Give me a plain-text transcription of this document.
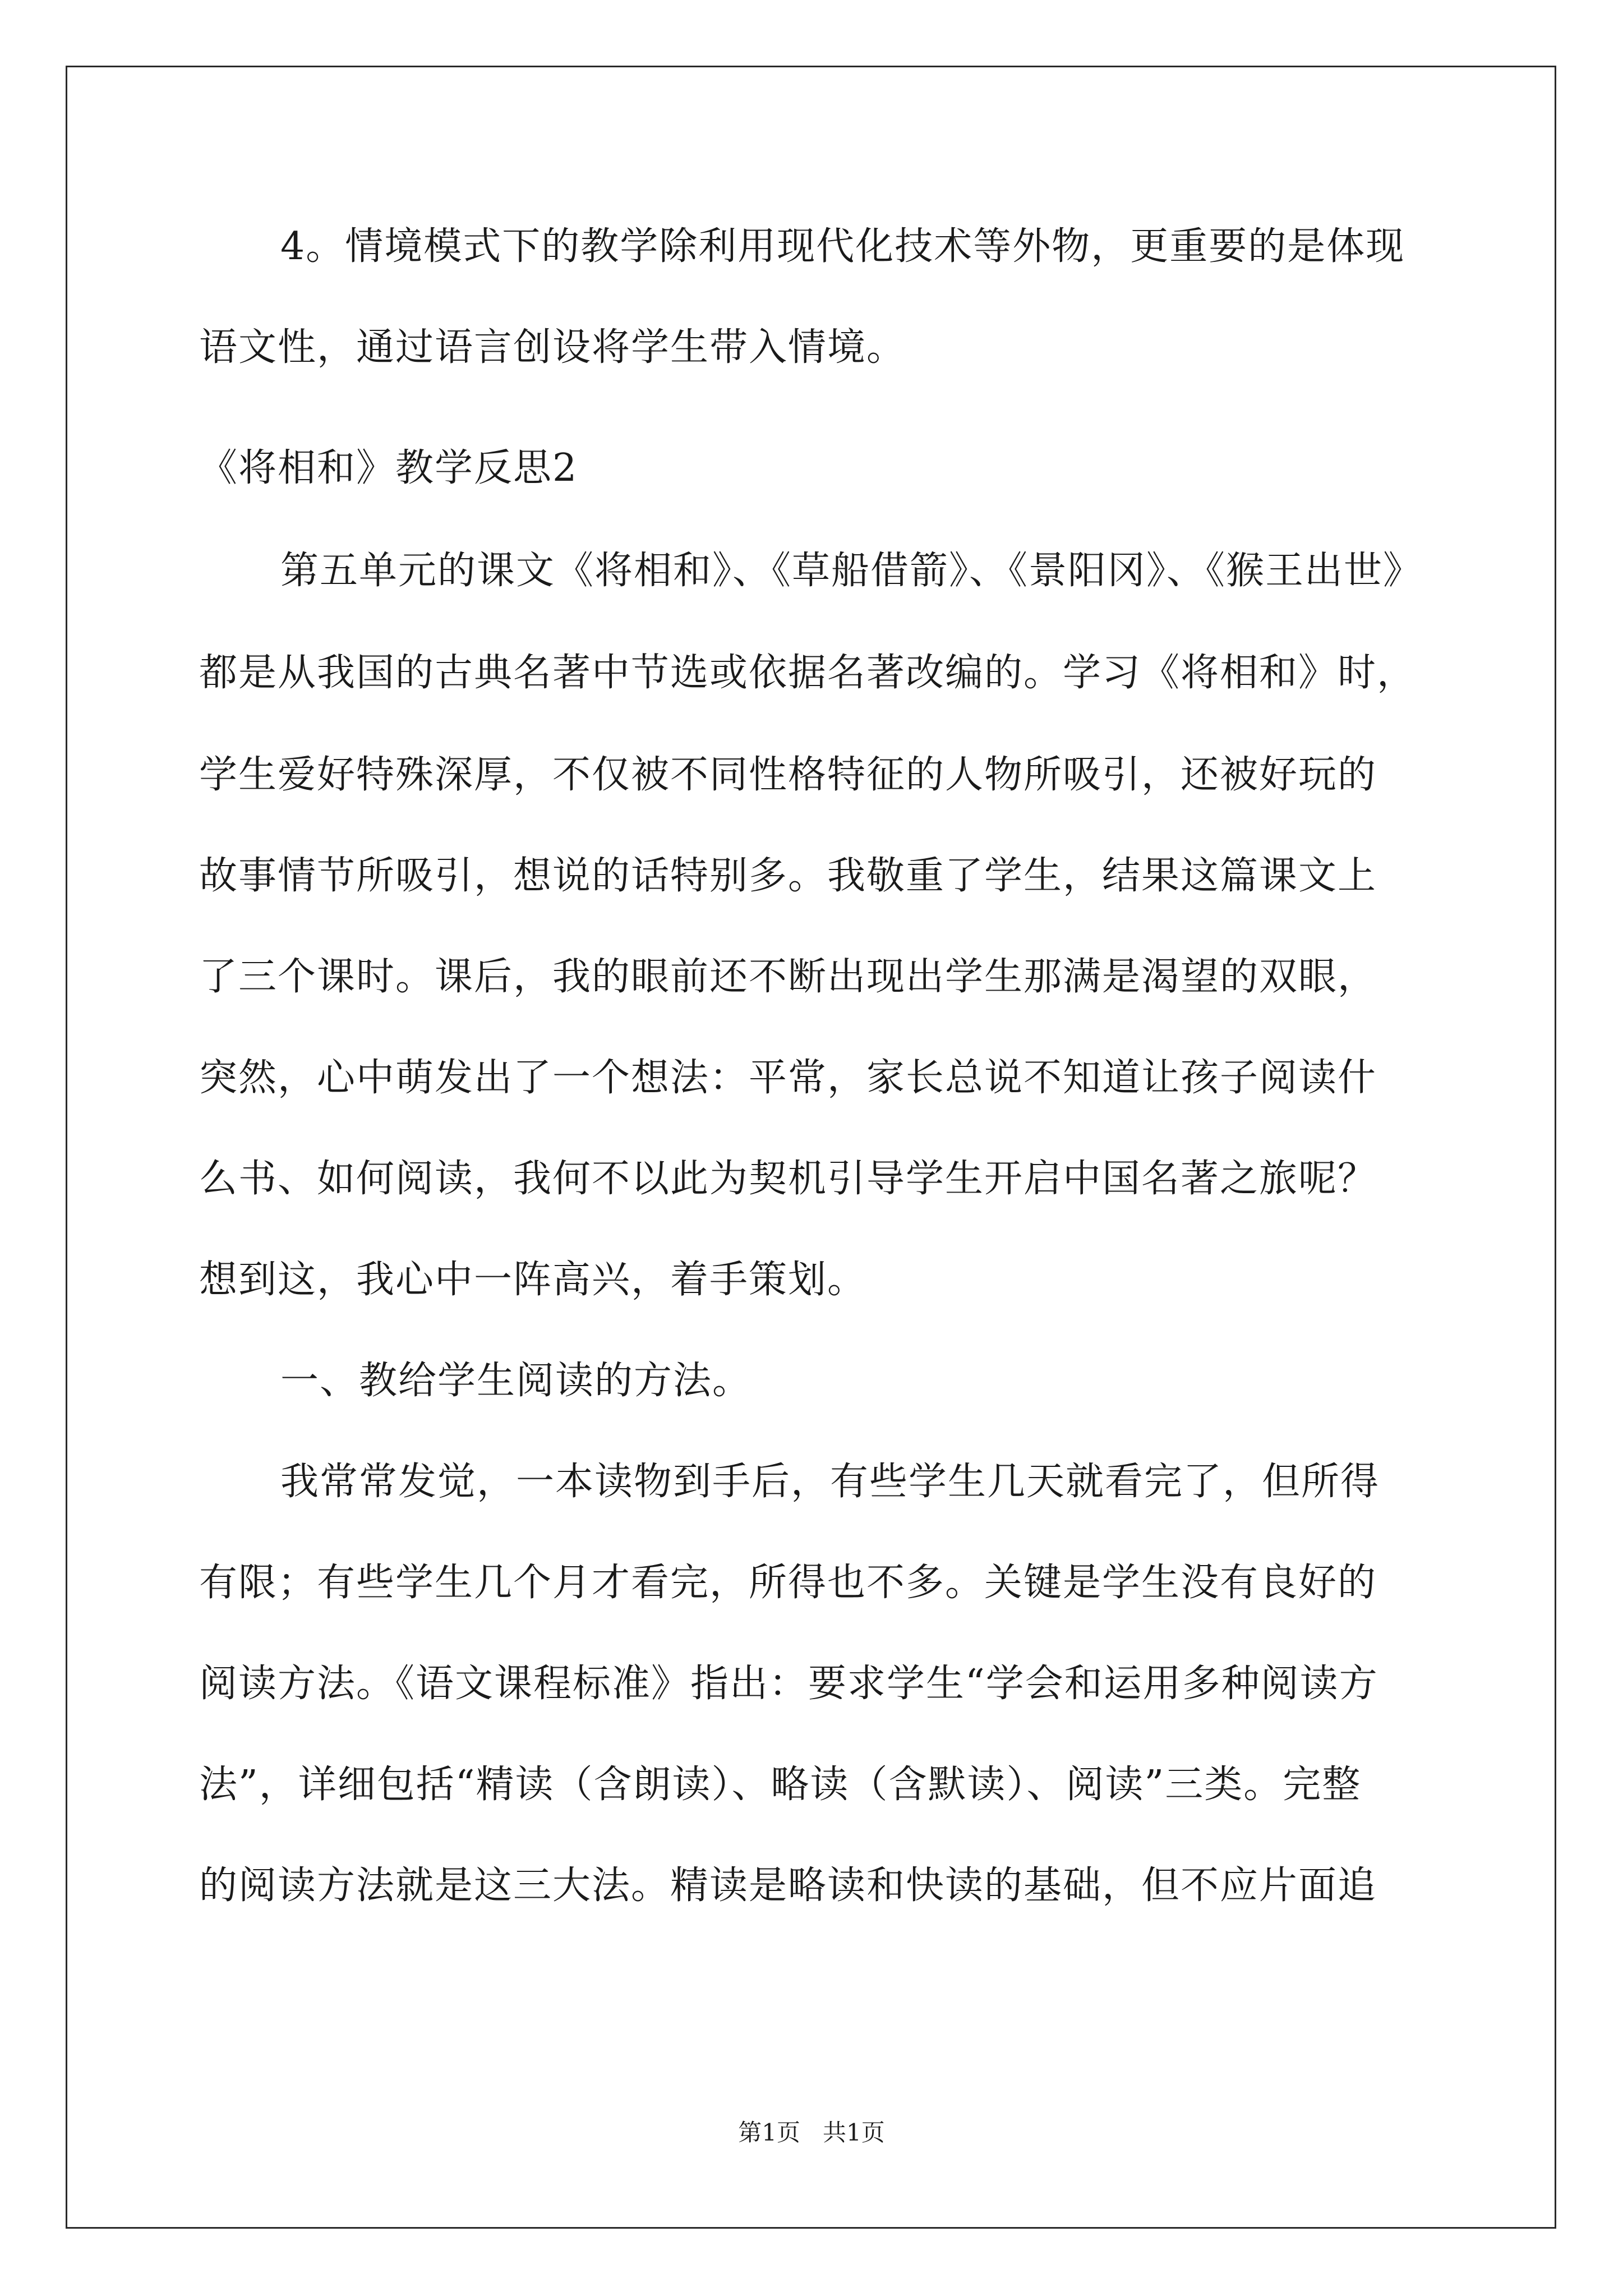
4。情境模式下的教学除利用现代化技术等外物，更重要的是体现
语文性，通过语言创设将学生带入情境。
《将相和》教学反思2
第五单元的课文《将相和》、《草船借箭》、《景阳冈》、《猴王出世》
都是从我国的古典名著中节选或依据名著改编的。学习《将相和》时，
学生爱好特殊深厚，不仅被不同性格特征的人物所吸引，还被好玩的
故事情节所吸引，想说的话特别多。我敬重了学生，结果这篇课文上
了三个课时。课后，我的眼前还不断出现出学生那满是渴望的双眼，
突然，心中萌发出了一个想法：平常，家长总说不知道让孩子阅读什
么书、如何阅读，我何不以此为契机引导学生开启中国名著之旅呢？
想到这，我心中一阵高兴，着手策划。
一、教给学生阅读的方法。
我常常发觉，一本读物到手后，有些学生几天就看完了，但所得
有限；有些学生几个月才看完，所得也不多。关键是学生没有良好的
阅读方法。《语文课程标准》指出：要求学生“学会和运用多种阅读方
法”，详细包括“精读（含朗读）、略读（含默读）、阅读”三类。完整
的阅读方法就是这三大法。精读是略读和快读的基础，但不应片面追
第1页   共1页
